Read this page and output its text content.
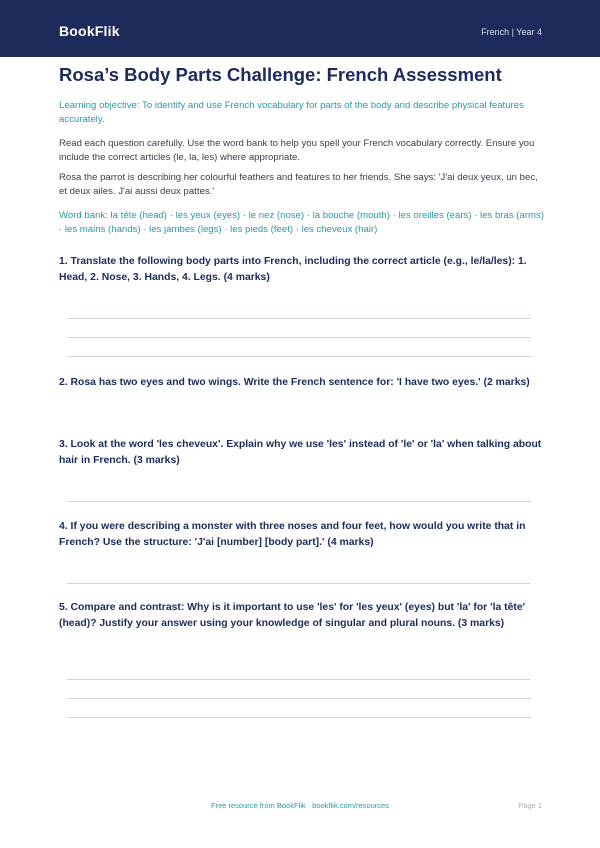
BookFlik	French | Year 4
Rosa’s Body Parts Challenge: French Assessment

Learning objective: To identify and use French vocabulary for parts of the body and describe physical features accurately.

Read each question carefully. Use the word bank to help you spell your French vocabulary correctly. Ensure you include the correct articles (le, la, les) where appropriate.

Rosa the parrot is describing her colourful feathers and features to her friends. She says: 'J'ai deux yeux, un bec, et deux ailes. J'ai aussi deux pattes.'

Word bank: la tête (head) · les yeux (eyes) · le nez (nose) · la bouche (mouth) · les oreilles (ears) · les bras (arms) · les mains (hands) · les jambes (legs) · les pieds (feet) · les cheveux (hair)

1. Translate the following body parts into French, including the correct article (e.g., le/la/les): 1. Head, 2. Nose, 3. Hands, 4. Legs. (4 marks)

2. Rosa has two eyes and two wings. Write the French sentence for: 'I have two eyes.' (2 marks)

3. Look at the word 'les cheveux'. Explain why we use 'les' instead of 'le' or 'la' when talking about hair in French. (3 marks)

4. If you were describing a monster with three noses and four feet, how would you write that in French? Use the structure: 'J'ai [number] [body part].' (4 marks)

5. Compare and contrast: Why is it important to use 'les' for 'les yeux' (eyes) but 'la' for 'la tête' (head)? Justify your answer using your knowledge of singular and plural nouns. (3 marks)

Free resource from BookFlik · bookflik.com/resources	Page 1
